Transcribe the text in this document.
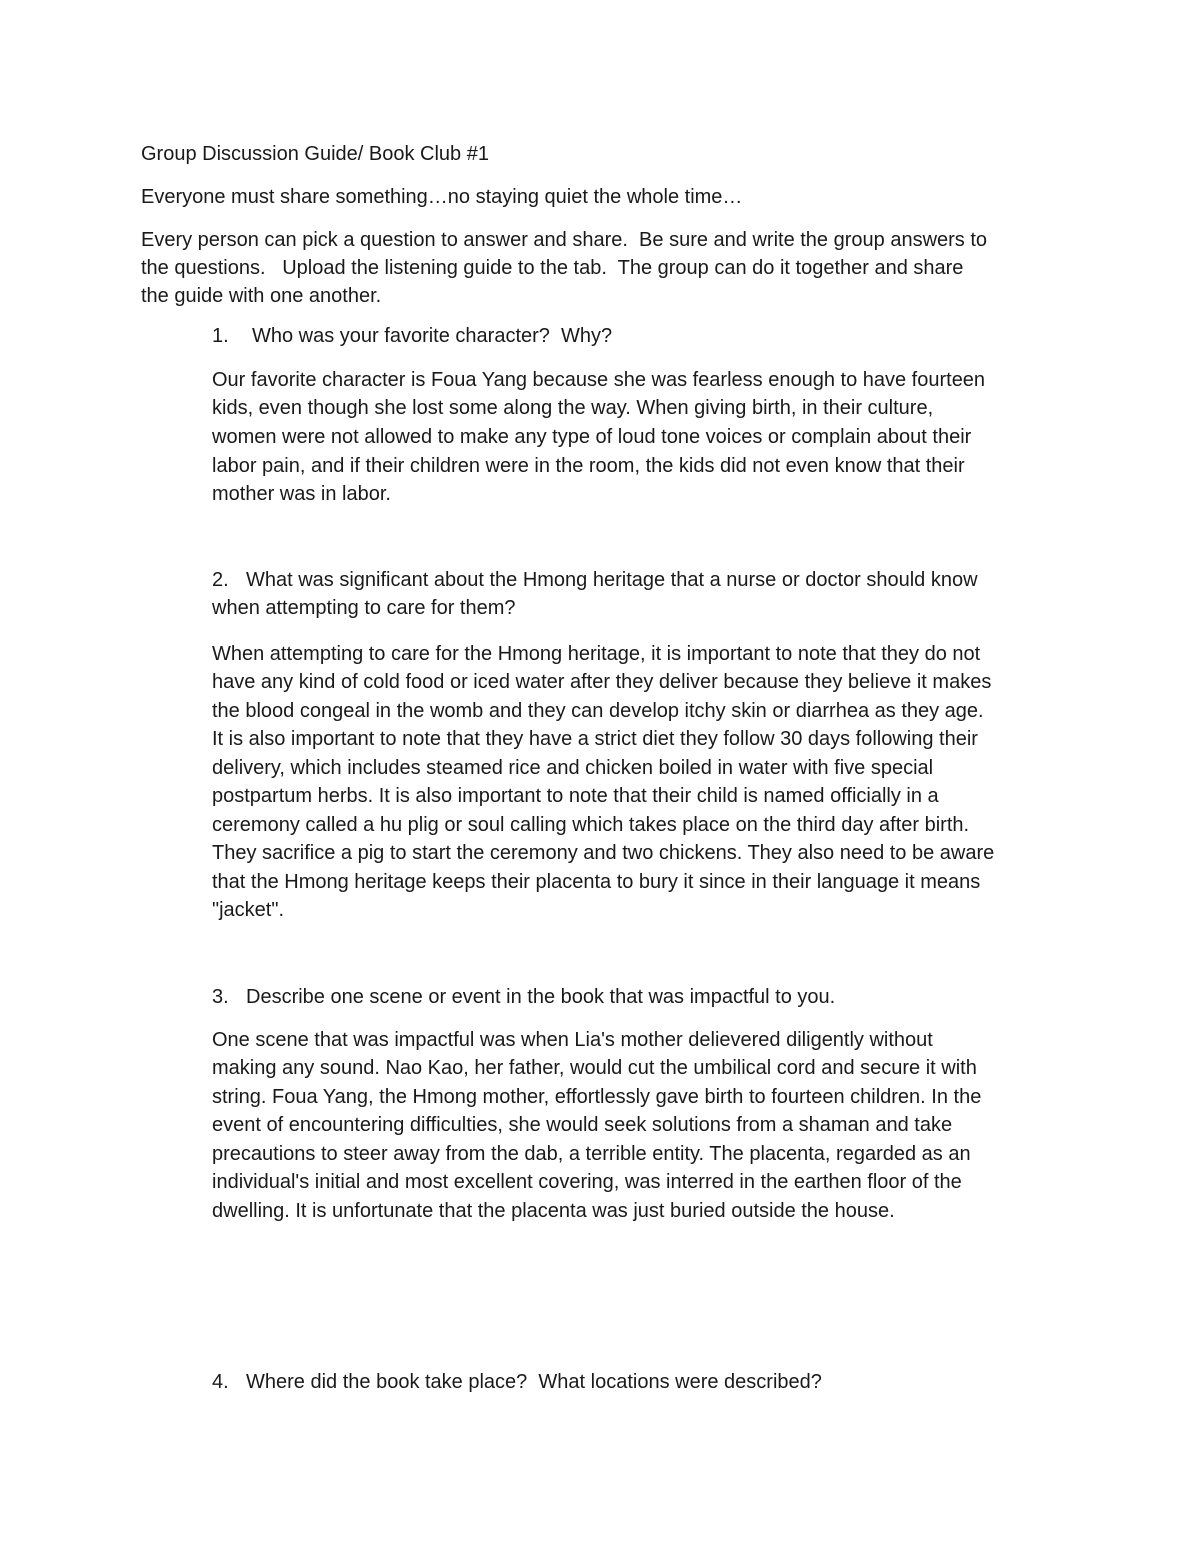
Group Discussion Guide/ Book Club #1
Everyone must share something…no staying quiet the whole time…
Every person can pick a question to answer and share.  Be sure and write the group answers to
the questions.   Upload the listening guide to the tab.  The group can do it together and share
the guide with one another.
1. Who was your favorite character?  Why?
Our favorite character is Foua Yang because she was fearless enough to have fourteen
kids, even though she lost some along the way. When giving birth, in their culture,
women were not allowed to make any type of loud tone voices or complain about their
labor pain, and if their children were in the room, the kids did not even know that their
mother was in labor.
2. What was significant about the Hmong heritage that a nurse or doctor should know
when attempting to care for them?
When attempting to care for the Hmong heritage, it is important to note that they do not
have any kind of cold food or iced water after they deliver because they believe it makes
the blood congeal in the womb and they can develop itchy skin or diarrhea as they age.
It is also important to note that they have a strict diet they follow 30 days following their
delivery, which includes steamed rice and chicken boiled in water with five special
postpartum herbs. It is also important to note that their child is named officially in a
ceremony called a hu plig or soul calling which takes place on the third day after birth.
They sacrifice a pig to start the ceremony and two chickens. They also need to be aware
that the Hmong heritage keeps their placenta to bury it since in their language it means
"jacket".
3. Describe one scene or event in the book that was impactful to you.
One scene that was impactful was when Lia's mother delievered diligently without
making any sound. Nao Kao, her father, would cut the umbilical cord and secure it with
string. Foua Yang, the Hmong mother, effortlessly gave birth to fourteen children. In the
event of encountering difficulties, she would seek solutions from a shaman and take
precautions to steer away from the dab, a terrible entity. The placenta, regarded as an
individual's initial and most excellent covering, was interred in the earthen floor of the
dwelling. It is unfortunate that the placenta was just buried outside the house.
4. Where did the book take place?  What locations were described?
